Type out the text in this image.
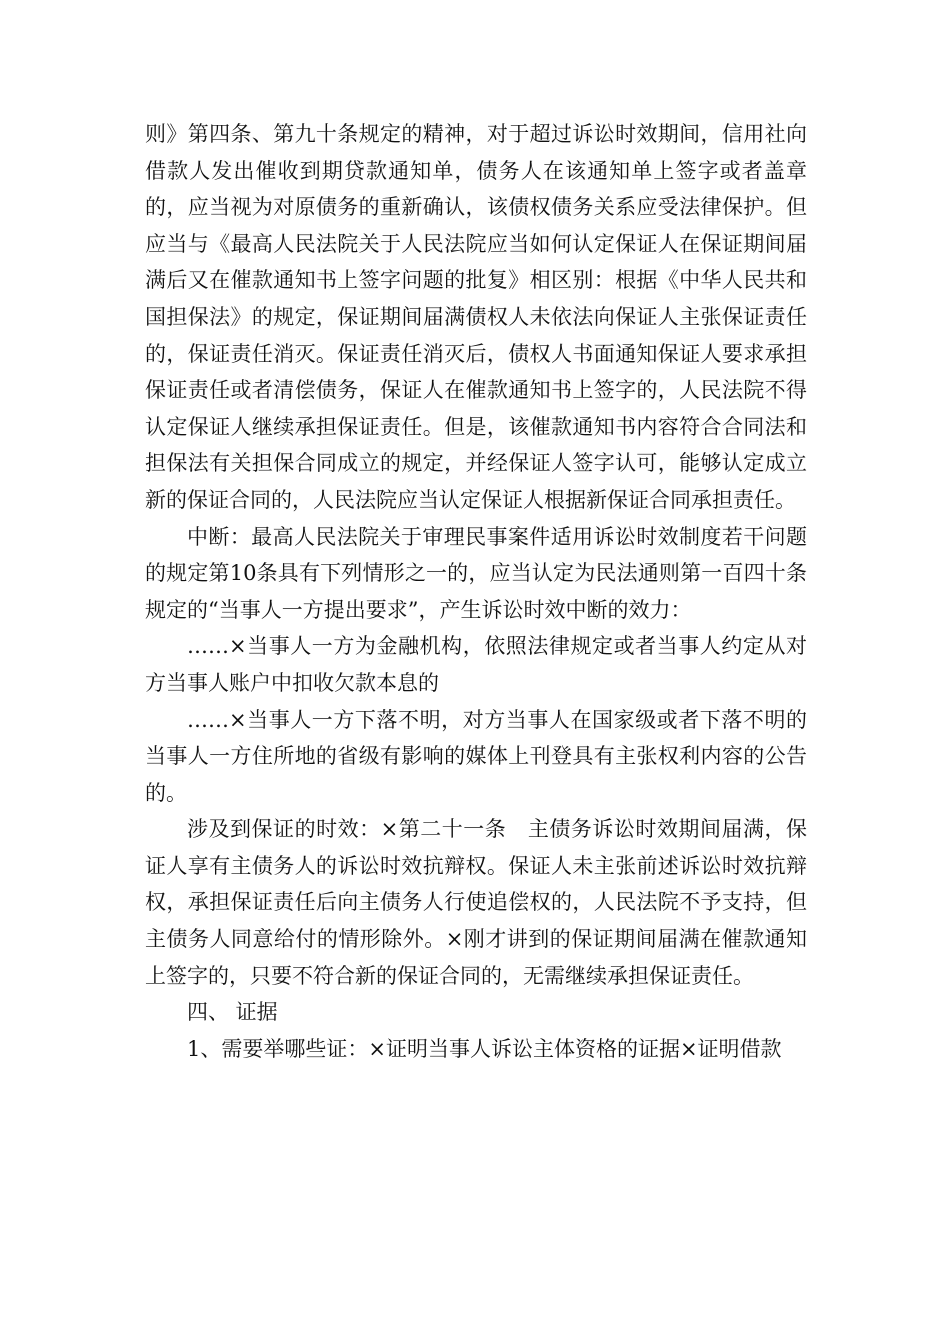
则》第四条、第九十条规定的精神，对于超过诉讼时效期间，信用社向借款人发出催收到期贷款通知单，债务人在该通知单上签字或者盖章的，应当视为对原债务的重新确认，该债权债务关系应受法律保护。但应当与《最高人民法院关于人民法院应当如何认定保证人在保证期间届满后又在催款通知书上签字问题的批复》相区别：根据《中华人民共和国担保法》的规定，保证期间届满债权人未依法向保证人主张保证责任的，保证责任消灭。保证责任消灭后，债权人书面通知保证人要求承担保证责任或者清偿债务，保证人在催款通知书上签字的，人民法院不得认定保证人继续承担保证责任。但是，该催款通知书内容符合合同法和担保法有关担保合同成立的规定，并经保证人签字认可，能够认定成立新的保证合同的，人民法院应当认定保证人根据新保证合同承担责任。

中断：最高人民法院关于审理民事案件适用诉讼时效制度若干问题的规定第10条具有下列情形之一的，应当认定为民法通则第一百四十条规定的“当事人一方提出要求”，产生诉讼时效中断的效力：

……×当事人一方为金融机构，依照法律规定或者当事人约定从对方当事人账户中扣收欠款本息的

……×当事人一方下落不明，对方当事人在国家级或者下落不明的当事人一方住所地的省级有影响的媒体上刊登具有主张权利内容的公告的。

涉及到保证的时效：×第二十一条　主债务诉讼时效期间届满，保证人享有主债务人的诉讼时效抗辩权。保证人未主张前述诉讼时效抗辩权，承担保证责任后向主债务人行使追偿权的，人民法院不予支持，但主债务人同意给付的情形除外。×刚才讲到的保证期间届满在催款通知上签字的，只要不符合新的保证合同的，无需继续承担保证责任。

四、 证据

1、需要举哪些证：×证明当事人诉讼主体资格的证据×证明借款
